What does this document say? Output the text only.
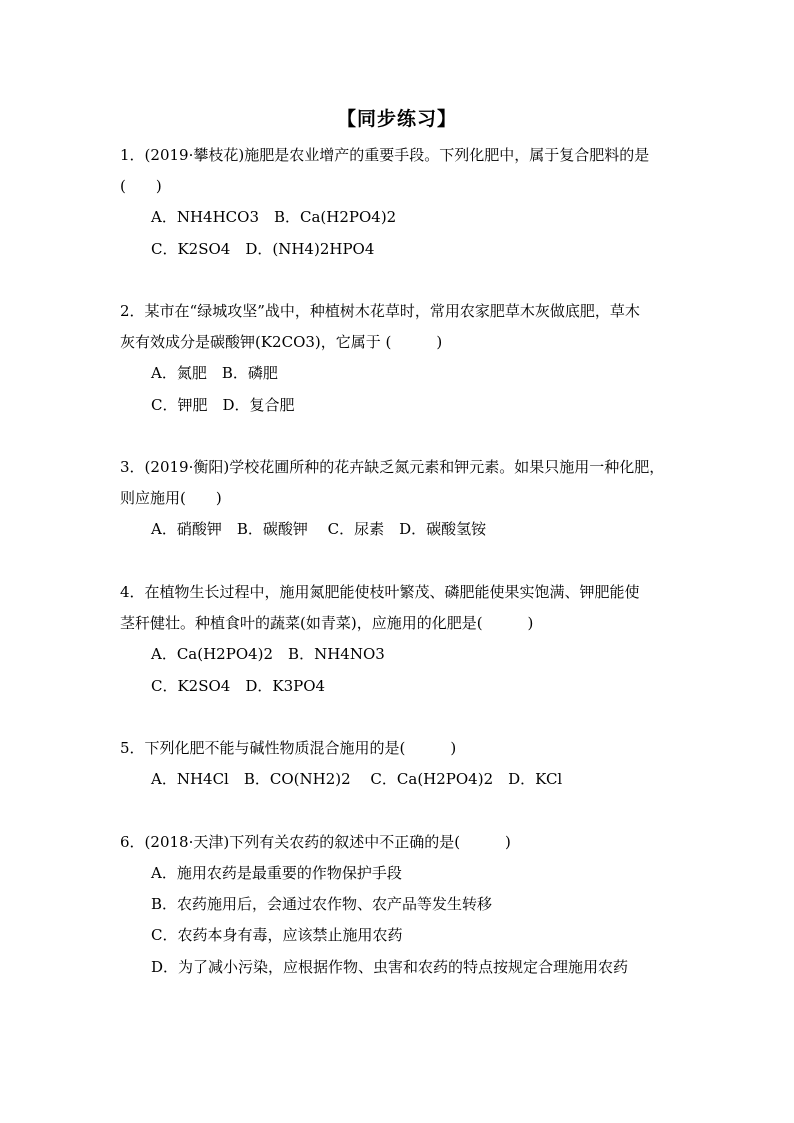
【同步练习】
1．(2019·攀枝花)施肥是农业增产的重要手段。下列化肥中，属于复合肥料的是
(　　)
A．NH4HCO3　B．Ca(H2PO4)2
C．K2SO4　D．(NH4)2HPO4
2．某市在“绿城攻坚”战中，种植树木花草时，常用农家肥草木灰做底肥，草木
灰有效成分是碳酸钾(K2CO3)，它属于 (　　　)
A．氮肥　B．磷肥
C．钾肥　D．复合肥
3．(2019·衡阳)学校花圃所种的花卉缺乏氮元素和钾元素。如果只施用一种化肥，
则应施用(　　)
A．硝酸钾　B．碳酸钾　 C．尿素　D．碳酸氢铵
4．在植物生长过程中，施用氮肥能使枝叶繁茂、磷肥能使果实饱满、钾肥能使
茎秆健壮。种植食叶的蔬菜(如青菜)，应施用的化肥是(　　　)
A．Ca(H2PO4)2　B．NH4NO3
C．K2SO4　D．K3PO4
5．下列化肥不能与碱性物质混合施用的是(　　　)
A．NH4Cl　B．CO(NH2)2　 C．Ca(H2PO4)2　D．KCl
6．(2018·天津)下列有关农药的叙述中不正确的是(　　　)
A．施用农药是最重要的作物保护手段
B．农药施用后，会通过农作物、农产品等发生转移
C．农药本身有毒，应该禁止施用农药
D．为了减小污染，应根据作物、虫害和农药的特点按规定合理施用农药
